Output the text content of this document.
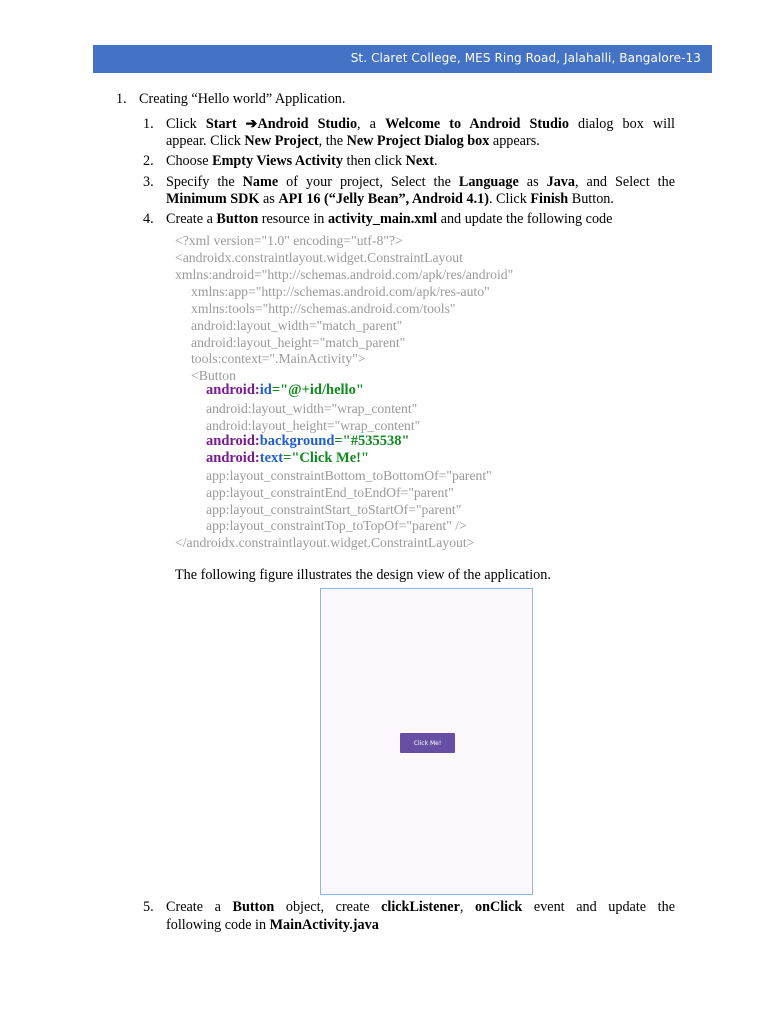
St. Claret College, MES Ring Road, Jalahalli, Bangalore-13
1. Creating “Hello world” Application.
1. Click Start ➔Android Studio, a Welcome to Android Studio dialog box will
appear. Click New Project, the New Project Dialog box appears.
2. Choose Empty Views Activity then click Next.
3. Specify the Name of your project, Select the Language as Java, and Select the
Minimum SDK as API 16 (“Jelly Bean”, Android 4.1). Click Finish Button.
4. Create a Button resource in activity_main.xml and update the following code
<?xml version="1.0" encoding="utf-8"?>
<androidx.constraintlayout.widget.ConstraintLayout
xmlns:android="http://schemas.android.com/apk/res/android"
xmlns:app="http://schemas.android.com/apk/res-auto"
xmlns:tools="http://schemas.android.com/tools"
android:layout_width="match_parent"
android:layout_height="match_parent"
tools:context=".MainActivity">
<Button
android:id="@+id/hello"
android:layout_width="wrap_content"
android:layout_height="wrap_content"
android:background="#535538"
android:text="Click Me!"
app:layout_constraintBottom_toBottomOf="parent"
app:layout_constraintEnd_toEndOf="parent"
app:layout_constraintStart_toStartOf="parent"
app:layout_constraintTop_toTopOf="parent" />
</androidx.constraintlayout.widget.ConstraintLayout>
The following figure illustrates the design view of the application.
Click Me!
5. Create a Button object, create clickListener, onClick event and update the
following code in MainActivity.java
